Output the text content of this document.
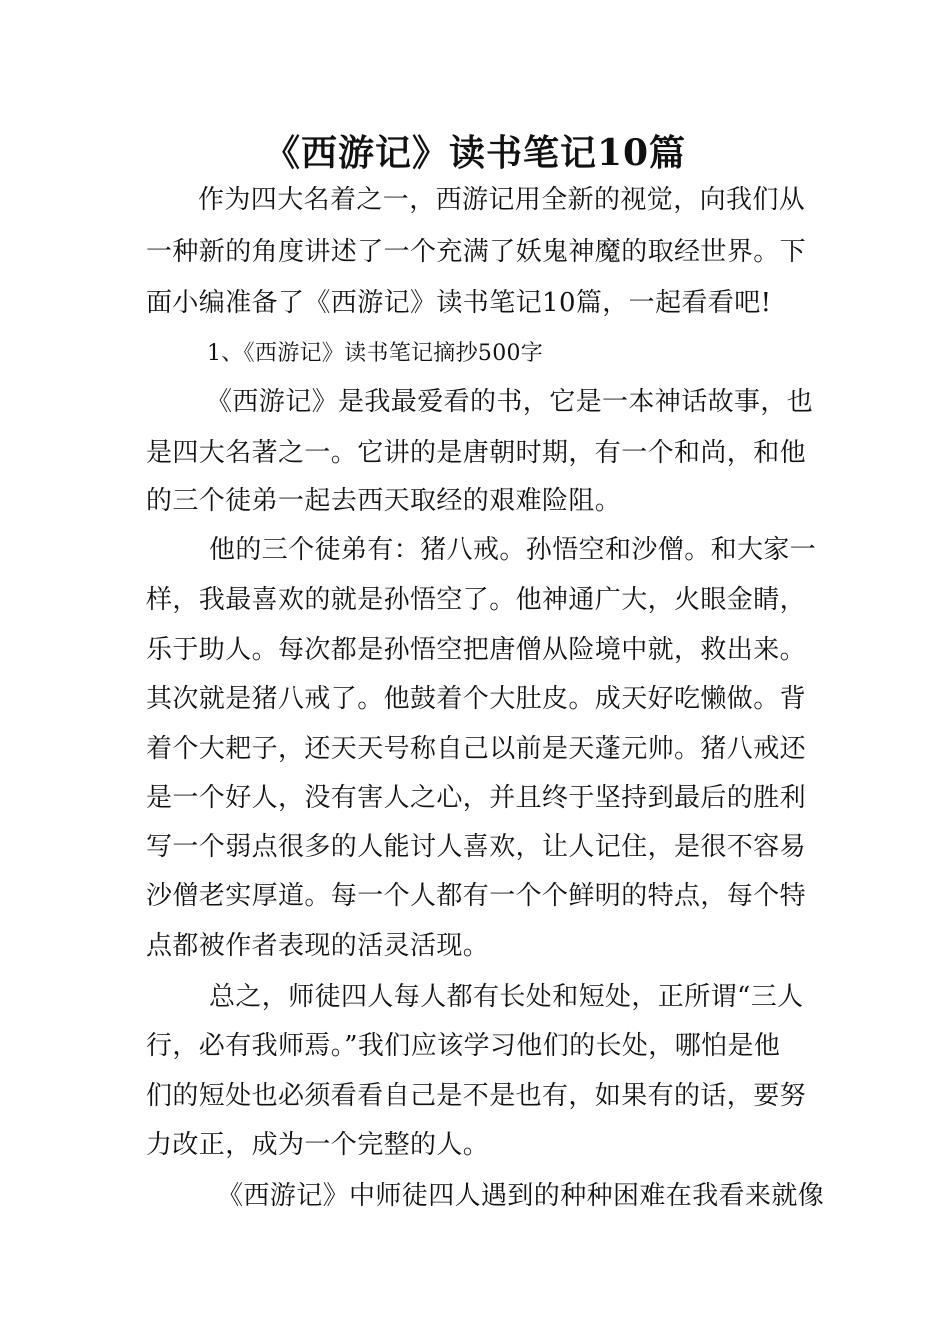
《西游记》读书笔记10篇
作为四大名着之一，西游记用全新的视觉，向我们从
一种新的角度讲述了一个充满了妖鬼神魔的取经世界。下
面小编准备了《西游记》读书笔记10篇，一起看看吧!
1、《西游记》读书笔记摘抄500字
《西游记》是我最爱看的书，它是一本神话故事，也
是四大名著之一。它讲的是唐朝时期，有一个和尚，和他
的三个徒弟一起去西天取经的艰难险阻。
他的三个徒弟有：猪八戒。孙悟空和沙僧。和大家一
样，我最喜欢的就是孙悟空了。他神通广大，火眼金睛，
乐于助人。每次都是孙悟空把唐僧从险境中就，救出来。
其次就是猪八戒了。他鼓着个大肚皮。成天好吃懒做。背
着个大耙子，还天天号称自己以前是天蓬元帅。猪八戒还
是一个好人，没有害人之心，并且终于坚持到最后的胜利
写一个弱点很多的人能讨人喜欢，让人记住，是很不容易
沙僧老实厚道。每一个人都有一个个鲜明的特点，每个特
点都被作者表现的活灵活现。
总之，师徒四人每人都有长处和短处，正所谓“三人
行，必有我师焉。”我们应该学习他们的长处，哪怕是他
们的短处也必须看看自己是不是也有，如果有的话，要努
力改正，成为一个完整的人。
《西游记》中师徒四人遇到的种种困难在我看来就像
